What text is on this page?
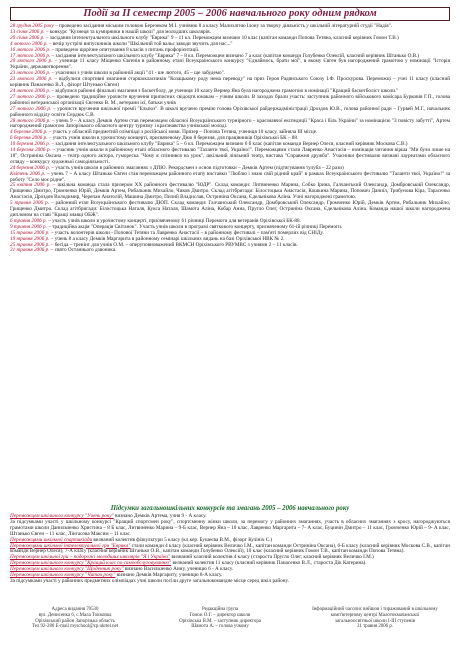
Події за ІІ семестр 2005 – 2006 навчального року одним рядком

28 грудня 2005 року – проведено засідання міським головою Березеком М.І. учнівню 8 а класу Малихатню Ілону за творчу діяльність у шкільній літературній студії "Надія".

13 січня 2006 р. – конкурс "Кузнеця та кумирники в нашій школі" для молодших школярів.

20 січня 2006 р. – засідання інтелектуального шкільного клубу "Еврика" 9 – 11 кл. Переможцем визнано 10 клас (капітан команди Попова Тетяна, класний керівник Гомон Т.В.)

4 лютого 2006 р. – вечір зустрічі випускників школи "Шкільний той вальс заводи звучить для нас..."

16 лютого 2006 р. – проведено щорічне опитування 8 класів з питань профорієнтації.

17 лютого 2006 р. – засідання інтелектуального шкільного клубу "Еврика" 7 – 8 кл. Переможцем визнано 7 а клас (капітан команди Голубенко Олексій, класний керівник Штанько О.В.)

20 лютого 2006 р. – учениця 11 класу Міщенко Євгенія в районному етапі Всеукраїнського конкурсу "Єднаймось, брати мої", в якому Євген був нагороджений грамотою у номінації "Історія України, державотворення".

23 лютого 2006 р. – учасники з учнів школи в районній акції "41 - ше лютого, 45 – ще забудемо".

23 лютого 2006 р. – відбулися спортивні змагання старшокласників "Козацькому роду нема переводу" на приз Героя Радянського Союзу І.Ф. Проскурова. Переможці – учні 11 класу (класний керівник Панасенко В.Л., фізорг Штунько Євген)

24 лютого 2006 р. – відбулися районні фінальні змагання з баскетболу, де учениця 10 класу Вернер Яна була нагороджена грамотою в номінації "Кращий баскетболіст школи."

27 лютого 2006 р. – проведено традиційне урочисте вручення приписних свідоцтв юнакам – учням школи. В заходах брали участь: заступник районного військового комісара Бурковів Г.П., голова районної ветеранської організації Євгенко В. М., ветерани ієї, батьки учнів

27 лютого 2006 р. – урочисте вручення шкільної премії "Ельпоз". В школі вручено премію голова Оріхівської райдержадміністрації Дроздов Ю.В., голова районної ради – Гурвей М.Г., начальник районного відділу освіти Сердюк С.В.

28 лютого 2006 р. – учень 9 – А класу Демків Артем став переможцем обласної Всеукраїнського турнірного – краєзнавчої експедиції "Краса і біль України" за номінацією "З повісту забутті", Артем нагороджений грамотою Запорізького обласного центру туризму і краєзнавства учнівської молоді.

4 березня 2006 р. – участь у обласній предметній олімпіаді з російської мови. Призер – Попова Тетяна, учениця 10 класу, зайняла ІІІ місце.

6 березня 2006 р. – участь учнів школи в урочистому концерті, присвяченому Дню 8 березня, для працівників Оріхівської БК – 88.

10 березня 2006 р. – засідання інтелектуального шкільного клубу "Еврика" 5 – 6 кл. Переможцем визнано 6 б клас (капітан команди Вернер Олеся, класний керівник Москова С.В.)

14 березня 2006 р. – учасник учнів школи в районному етапі обласного фестивалю "Таланти твої, Україно!". Переможцями стали Лавренко Анастасія – номінація читання вірша "Ми були лише на 18", Остриніна Оксана – театр одного актора, гумореска "Чому я спізнився на урок", шкільний ліяльний театр, вистава "Справжня дружба". Учасники фестивалю визнані лауреатами обласного огляду – конкурсу художньої самодіяльності.

24 березня 2006 р. – участь учнів школи в районних змаганнях з ДПЮ. Рекордсмен з основ підготовки – Демків Артем (підтягування тулуба – 22 рази)

Квітень 2006 р. – учень 7 – А класу Штанько Євген став переможцем районного етапу виставки "Люблю і знаю свій рідний край" в рамках Всеукраїнського фестивалю "Таланти твої, Україно!" за роботу "Село моє рідне".

25 квітня 2006 р. – шкільна команда стала призером ХХ районного фестивалю "ЮДР". Склад команди: Литвиненко Марина, Собко Ірина, Галчанський Олександр, Домбровський Олександр, Грищенко Дмитро, Громченко Юрій, Демків Артем, Рибальник Михайло, Чиков Дмитро. Склад агітбригади: Білостоцька Анастасія, Кошкина Марина, Попович Даниїл, Трибунова Кіра, Тарасенко Анастасія, Дроздов Володимир, Черепан Анатолій, Машина Дмитро, Пилий Владислав, Остриніна Оксана, Єдельнікова Аліна. Учні нагороджені грамотою.

5 травня 2006 р. – районний етап Всеукраїнського фестивалю ДЮП. Склад команди: Галчанський Олександр, Домбровський Олександр, Громченко Юрій, Демків Артем, Рибальник Михайло, Грищенко Дмитро. Склад агітбригади: Білостоцька Наталя, Кукса Наталя, Шамота Аліна, Кобар Анна, Пругло Олег, Остриніна Оксана, Єдельнікова Аліна. Команда нашої школи нагороджена дипломом на ставі "Кращі знавці ОБЖ".

6 травня 2006 р. – участь учнів школи в урочистому концерті, присвяченому 61 річниці Перемоги для ветеранів Оріхівської БК-88.

9 травня 2006 р. – традиційна акція "Операція Світанок". Участь учнів школи в програмі святкового концерту, присвяченому 61-ій річниці Перемоги.

15 травня 2006 р. – участь волонтерів школи - Попової Тетяни та Лавренко Анастасії – в районному фестивалі – пам'яті померлих від СНІДу.

19 травня 2006 р. – учень 8 а класу Демків Маргарита в районному семінарі шкільних видань на базі Оріхівської НВК № 2.

25 травня 2006 р. – бесіда – тренінг для учнів О.М. – оперуповноважений ВКМСН Оріхівського РВУМВС з учнями 2 – 11 класів.

31 травня 2006 р. – свято Останнього дзвоника.

Підсумки загальношкільних конкурсів та змагань 2005 – 2006 навчального року

Переможцем шкільного конкурсу "Учень року" визнано Демків Артема, учня 9 - А класу.

За підсумками участі у шкільному конкурсі "Кращий спортсмен року", спортсменну жінки школи, за перемогу у районних змаганнях, участь в обласних змаганнях з кросу, нагороджуються грамотами школи Данильченко Христина – 8 Б клас, Литвиненко Марина – 9-Б клас, Вернер Яна – 10 клас, Лавренко Маргарита – 7- А клас, Буцинін Дмитро – 11 клас, Громченко Юрій – 9- А клас, Штанько Євген – 11 клас, Лінгасова Максим – 11 клас.

Переможцями шкільної спартакіади визнаний колектив фізкультури 5 класу (кл.кер. Бушеєва В.М., фізорг Кулініч С.)

Переможцями шкільної інтелектуальної гри "Еврика" стали команди 4 класу (класний керівник Величко І.М., капітан команди Остриніна Оксана), 6-Б класу (класний керівник Москова С.В., капітан команди Вернер Олеся), 7-А класу (класний керівник Штанько О.В., капітан команди Голубенко Олексій), 10 клас (класний керівник Гомон Т.В., капітан команди Попова Тетяна).

Переможцем шкільної гри – подорожі молодших школярів "Я і Україна" визнаний класний колектив 4 класу (староста Пругло Олег, класний керівник Величко І.М.)

Переможцем шкільного конкурсу "Кращий клас по самообслуговуванню" визнаний колектив 11 класу (класний керівник Панасенко В.Л., староста Дік Катерина).

Переможцем шкільного конкурсу "Щоденник року" визнано Васильченко Анну, ученицю 6 - А класу.

Переможцем шкільного конкурсу "Читач року" визнано Демків Маргариту, ученицю 8-А класу.

За підсумками участі у районних предметних олімпіадах учні школи посіли друге загальнокомандне місце серед шкіл району.

Адреса видання 70530
вул. Денисенка 6, с.Мала Токмачка
Оріхівський район Запорізька область
Тел 92-280 E-mail myschool@zp.ukrtel.net
Редакційна група
Гомон О.Г. – директор школи
Оріхівська В.М. – заступник директора
Шамота А. – голова учкому
Інформаційний часопис вийшов і тиражований в шкільному
комп'ютерному центрі Малотокмачанської
загальноосвітньої школи І-ІІІ ступенів
31 травня 2006 р.
